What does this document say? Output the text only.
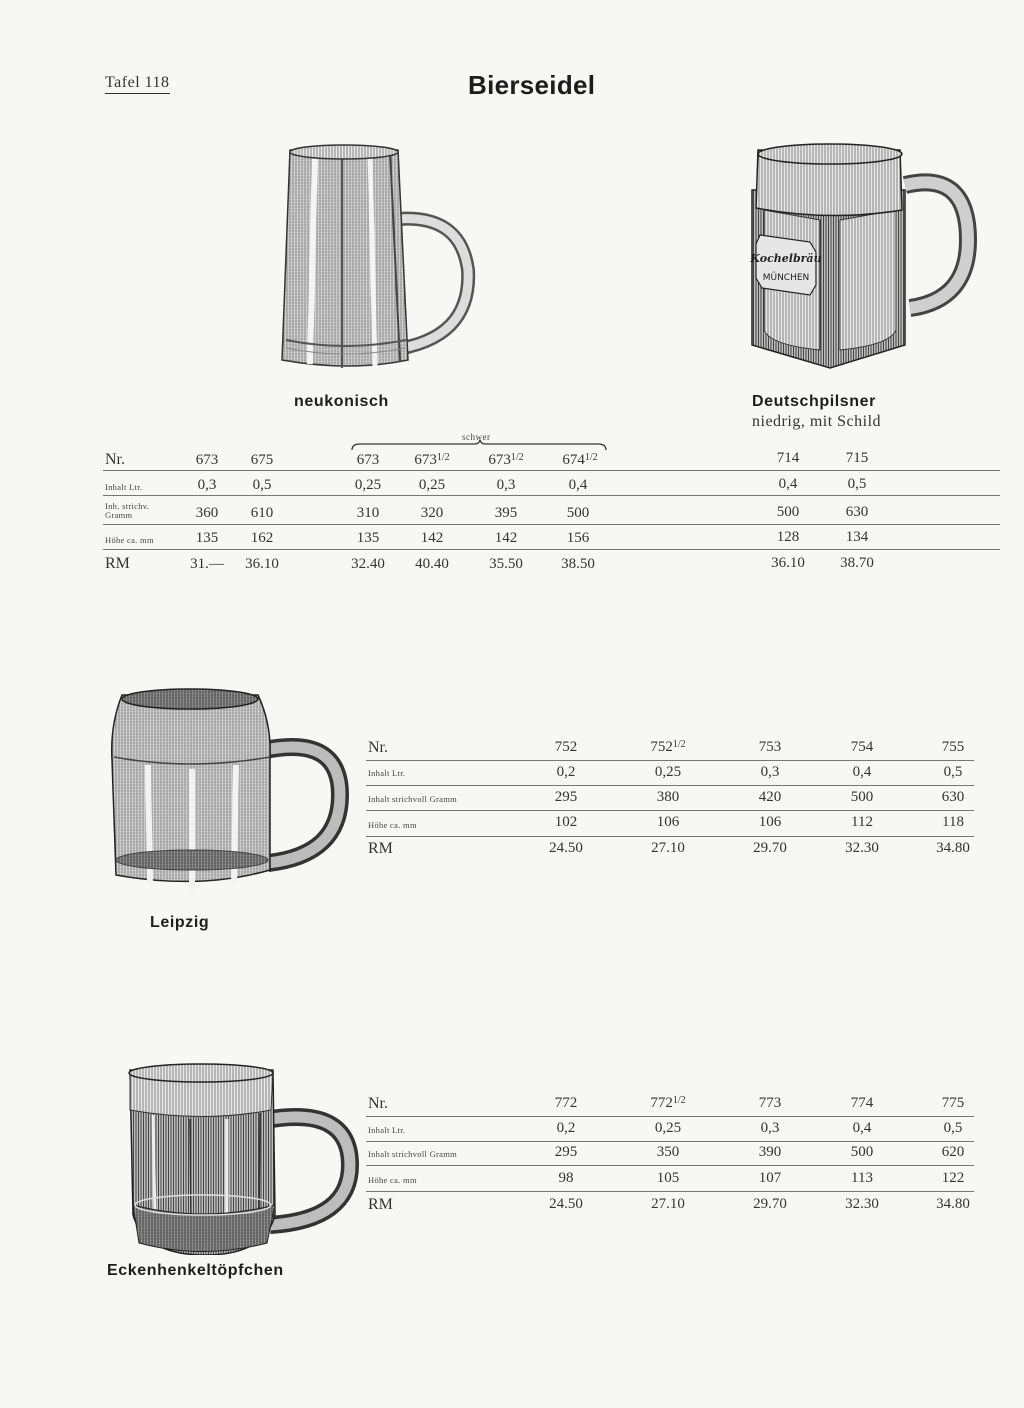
Tafel 118	Bierseidel
neukonisch
Kochelbräu
MÜNCHEN
Deutschpilsner
niedrig, mit Schild
schwer
Nr.
Inhalt Ltr.
Inh. strichv.
Gramm
Höhe ca. mm
RM
673
0,3
360
135
31.—
675
0,5
610
162
36.10
673
0,25
310
135
32.40
$673^{1/2}$
0,25
320
142
40.40
$673^{1/2}$
0,3
395
142
35.50
$674^{1/2}$
0,4
500
156
38.50
714
0,4
500
128
36.10
715
0,5
630
134
38.70
Leipzig
Nr.
Inhalt Ltr.
Inhalt strichvoll Gramm
Höhe ca. mm
RM
752
0,2
295
102
24.50
$752^{1/2}$
0,25
380
106
27.10
753
0,3
420
106
29.70
754
0,4
500
112
32.30
755
0,5
630
118
34.80
Eckenhenkeltöpfchen
Nr.
Inhalt Ltr.
Inhalt strichvoll Gramm
Höhe ca. mm
RM
772
0,2
295
98
24.50
$772^{1/2}$
0,25
350
105
27.10
773
0,3
390
107
29.70
774
0,4
500
113
32.30
775
0,5
620
122
34.80
